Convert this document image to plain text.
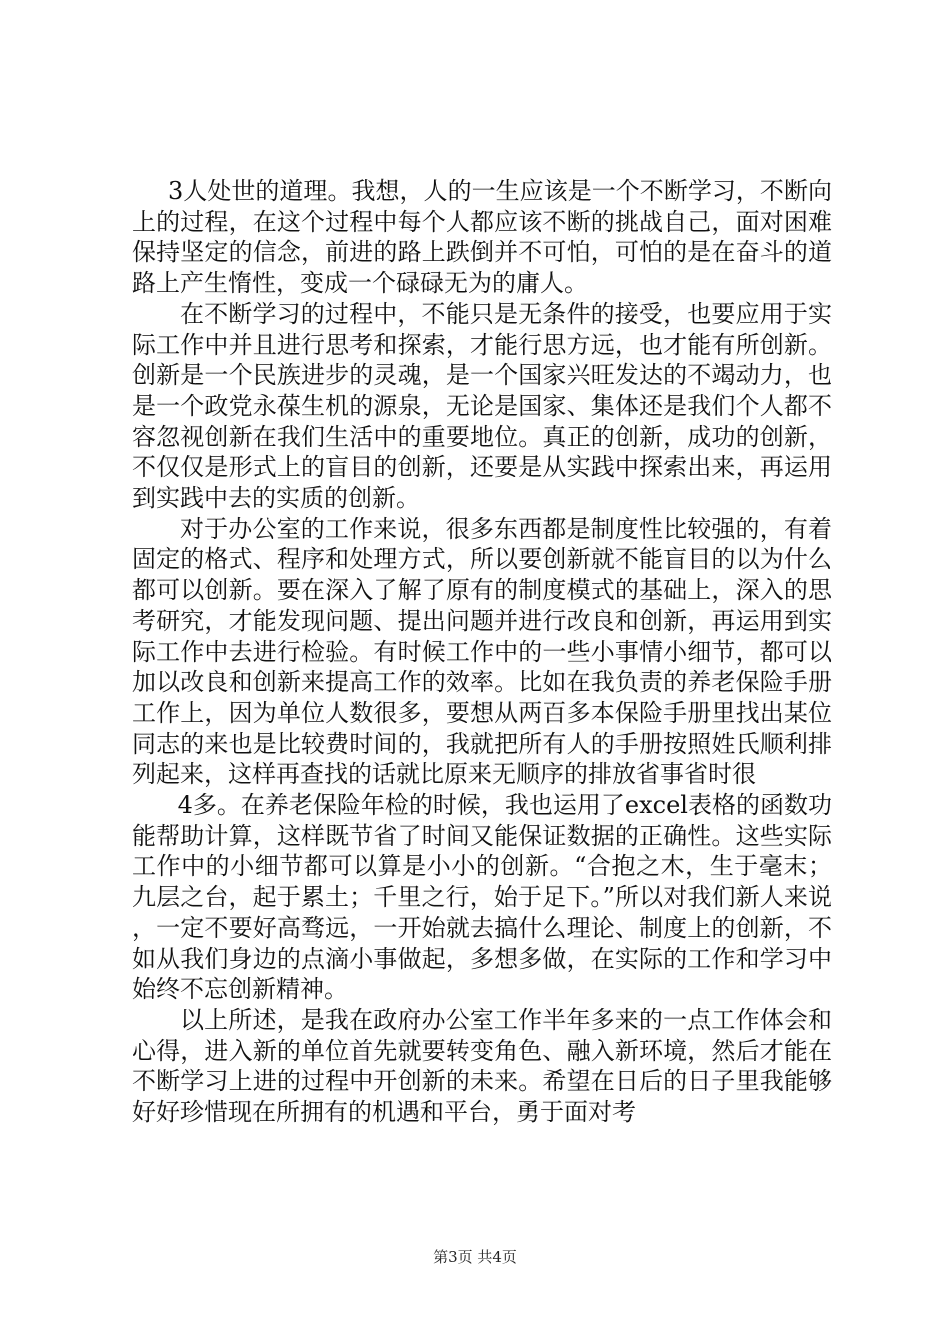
3人处世的道理。我想，人的一生应该是一个不断学习，不断向上的过程，在这个过程中每个人都应该不断的挑战自己，面对困难保持坚定的信念，前进的路上跌倒并不可怕，可怕的是在奋斗的道路上产生惰性，变成一个碌碌无为的庸人。

在不断学习的过程中，不能只是无条件的接受，也要应用于实际工作中并且进行思考和探索，才能行思方远，也才能有所创新。创新是一个民族进步的灵魂，是一个国家兴旺发达的不竭动力，也是一个政党永葆生机的源泉，无论是国家、集体还是我们个人都不容忽视创新在我们生活中的重要地位。真正的创新，成功的创新，不仅仅是形式上的盲目的创新，还要是从实践中探索出来，再运用到实践中去的实质的创新。

对于办公室的工作来说，很多东西都是制度性比较强的，有着固定的格式、程序和处理方式，所以要创新就不能盲目的以为什么都可以创新。要在深入了解了原有的制度模式的基础上，深入的思考研究，才能发现问题、提出问题并进行改良和创新，再运用到实际工作中去进行检验。有时候工作中的一些小事情小细节，都可以加以改良和创新来提高工作的效率。比如在我负责的养老保险手册工作上，因为单位人数很多，要想从两百多本保险手册里找出某位同志的来也是比较费时间的，我就把所有人的手册按照姓氏顺利排列起来，这样再查找的话就比原来无顺序的排放省事省时很

4多。在养老保险年检的时候，我也运用了excel表格的函数功能帮助计算，这样既节省了时间又能保证数据的正确性。这些实际工作中的小细节都可以算是小小的创新。“合抱之木，生于毫末；九层之台，起于累土；千里之行，始于足下。”所以对我们新人来说，一定不要好高骛远，一开始就去搞什么理论、制度上的创新，不如从我们身边的点滴小事做起，多想多做，在实际的工作和学习中始终不忘创新精神。

以上所述，是我在政府办公室工作半年多来的一点工作体会和心得，进入新的单位首先就要转变角色、融入新环境，然后才能在不断学习上进的过程中开创新的未来。希望在日后的日子里我能够好好珍惜现在所拥有的机遇和平台，勇于面对考

第3页 共4页
